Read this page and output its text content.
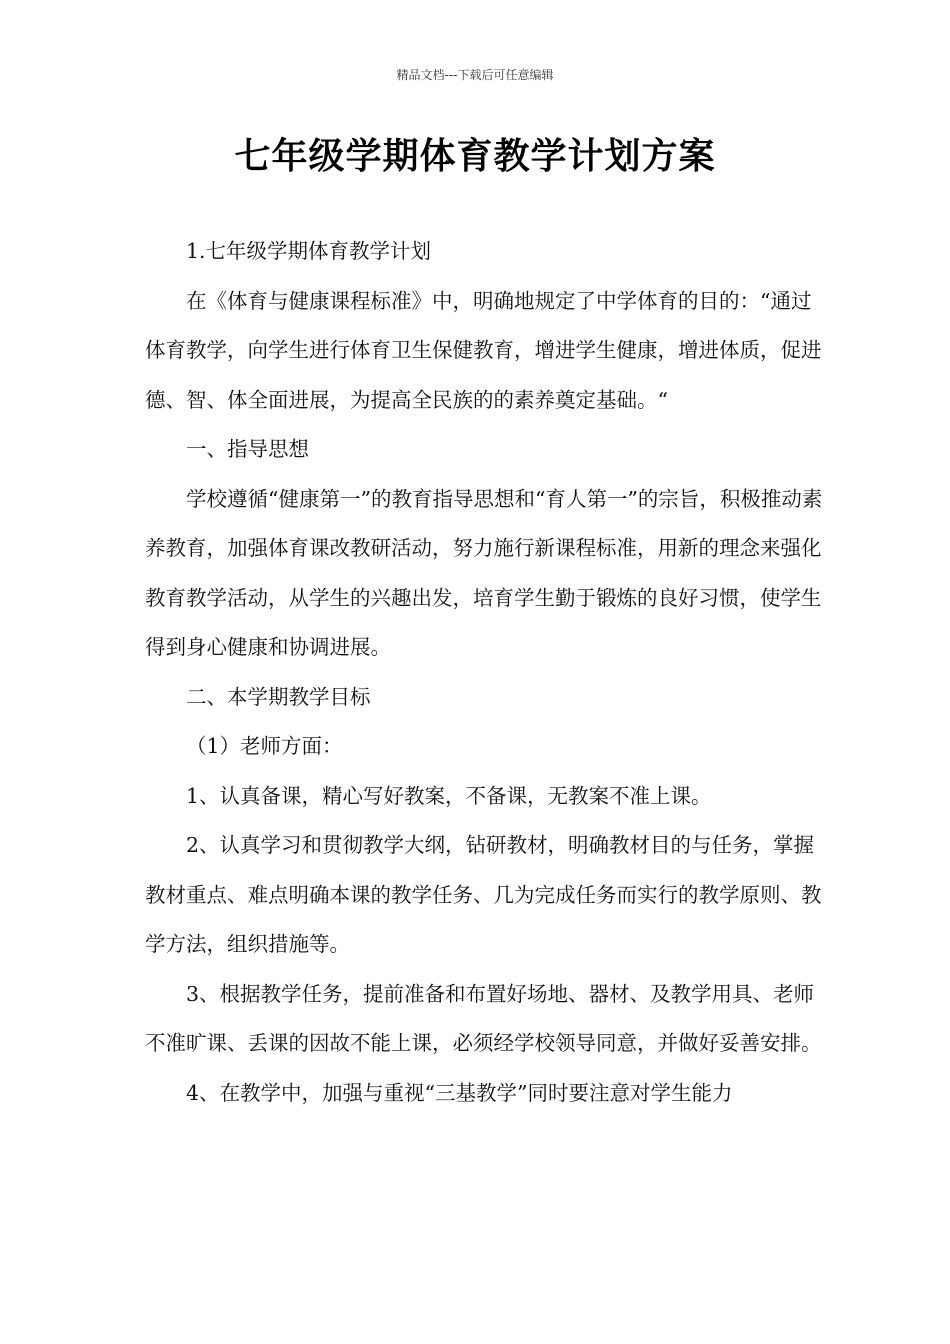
精品文档---下载后可任意编辑
七年级学期体育教学计划方案

1.七年级学期体育教学计划

在《体育与健康课程标准》中，明确地规定了中学体育的目的：“通过体育教学，向学生进行体育卫生保健教育，增进学生健康，增进体质，促进德、智、体全面进展，为提高全民族的的素养奠定基础。“

一、指导思想

学校遵循“健康第一”的教育指导思想和“育人第一”的宗旨，积极推动素养教育，加强体育课改教研活动，努力施行新课程标准，用新的理念来强化教育教学活动，从学生的兴趣出发，培育学生勤于锻炼的良好习惯，使学生得到身心健康和协调进展。

二、本学期教学目标

（1）老师方面：

1、认真备课，精心写好教案，不备课，无教案不准上课。

2、认真学习和贯彻教学大纲，钻研教材，明确教材目的与任务，掌握教材重点、难点明确本课的教学任务、几为完成任务而实行的教学原则、教学方法，组织措施等。

3、根据教学任务，提前准备和布置好场地、器材、及教学用具、老师不准旷课、丢课的因故不能上课，必须经学校领导同意，并做好妥善安排。

4、在教学中，加强与重视“三基教学”同时要注意对学生能力
